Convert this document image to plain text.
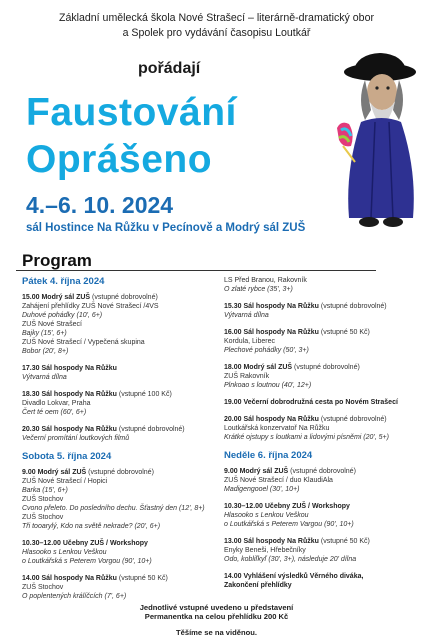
Základní umělecká škola Nové Strašecí – literárně-dramatický obor
a Spolek pro vydávání časopisu Loutkář
pořádají
Faustování
Oprášeno
4.–6. 10. 2024
sál Hostince Na Růžku v Pecínově a Modrý sál ZUŠ
Program
Pátek 4. října 2024
15.00 Modrý sál ZUŠ (vstupné dobrovolné)
Zahájení přehlídky ZUŠ Nové Strašecí /4VS
Duhové pohádky (10', 6+)
ZUŠ Nové Strašecí
Bajky (15', 6+)
ZUŠ Nové Strašecí / Vypečená skupina
Bobor (20', 8+)
17.30 Sál hospody Na Růžku
Výtvarná dílna
18.30 Sál hospody Na Růžku (vstupné 100 Kč)
Divadlo Lokvar, Praha
Čert té oem (60', 6+)
20.30 Sál hospody Na Růžku (vstupné dobrovolné)
Večerní promítání loutkových filmů
Sobota 5. října 2024
9.00 Modrý sál ZUŠ (vstupné dobrovolné)
ZUŠ Nové Strašecí / Hopici
Barka (15', 6+)
ZUŠ Stochov
Cvono přeleto. Do posledního dechu. Šťastný den (12', 8+)
ZUŠ Stochov
Tři tooarylý, Kdo na světě nekrade? (20', 6+)
10.30–12.00 Učebny ZUŠ / Workshopy
Hlasooko s Lenkou Veškou
o Loutkářská s Peterem Vorgou (90', 10+)
14.00 Sál hospody Na Růžku (vstupné 50 Kč)
ZUŠ Stochov
O poplentených králíčcích (7', 6+)
LS Před Branou, Rakovník
O zlaté rybce (35', 3+)
15.30 Sál hospody Na Růžku (vstupné dobrovolné)
Výtvarná dílna
16.00 Sál hospody Na Růžku (vstupné 50 Kč)
Kordula, Liberec
Plechové pohádky (50', 3+)
18.00 Modrý sál ZUŠ (vstupné dobrovolné)
ZUŠ Rakovník
Plnkoao s loutnou (40', 12+)
19.00 Večerní dobrodružná cesta po Novém Strašecí
20.00 Sál hospody Na Růžku (vstupné dobrovolné)
Loutkářská konzervatoř Na Růžku
Krátké ojstupy s loutkami a lidovými písněmi (20', 5+)
Neděle 6. října 2024
9.00 Modrý sál ZUŠ (vstupné dobrovolné)
ZUŠ Nové Strašecí / duo KlaudiAla
Madigengooel (30', 10+)
10.30–12.00 Učebny ZUŠ / Workshopy
Hlasooko s Lenkou Veškou
o Loutkářská s Peterem Vargou (90', 10+)
13.00 Sál hospody Na Růžku (vstupné 50 Kč)
Enyky Beneši, Hřebečníky
Odo, kobliľkyľ (30', 3+), následuje 20' dílna
14.00 Vyhlášení výsledků Věrného diváka,
Zakončení přehlídky
Jednotlivé vstupné uvedeno u představení
Permanentka na celou přehlídku 200 Kč
Těšíme se na viděnou.
